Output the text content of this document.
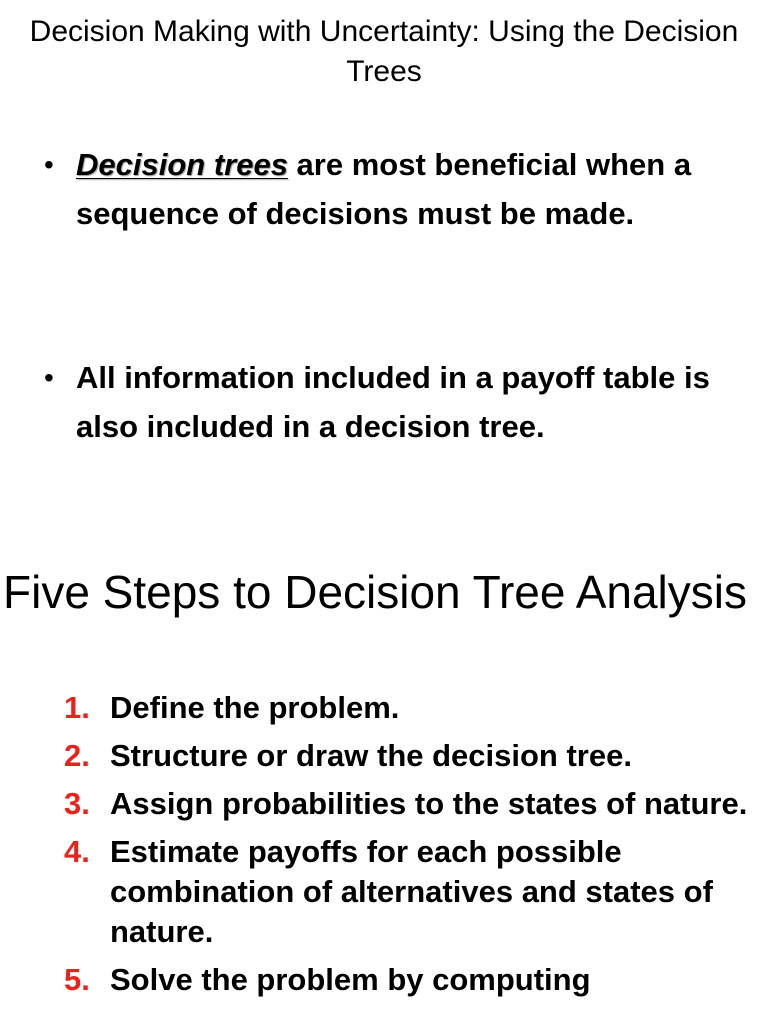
Decision Making with Uncertainty: Using the Decision Trees
• Decision trees are most beneficial when a sequence of decisions must be made.
• All information included in a payoff table is also included in a decision tree.
Five Steps to Decision Tree Analysis
1. Define the problem.
2. Structure or draw the decision tree.
3. Assign probabilities to the states of nature.
4. Estimate payoffs for each possible combination of alternatives and states of nature.
5. Solve the problem by computing
